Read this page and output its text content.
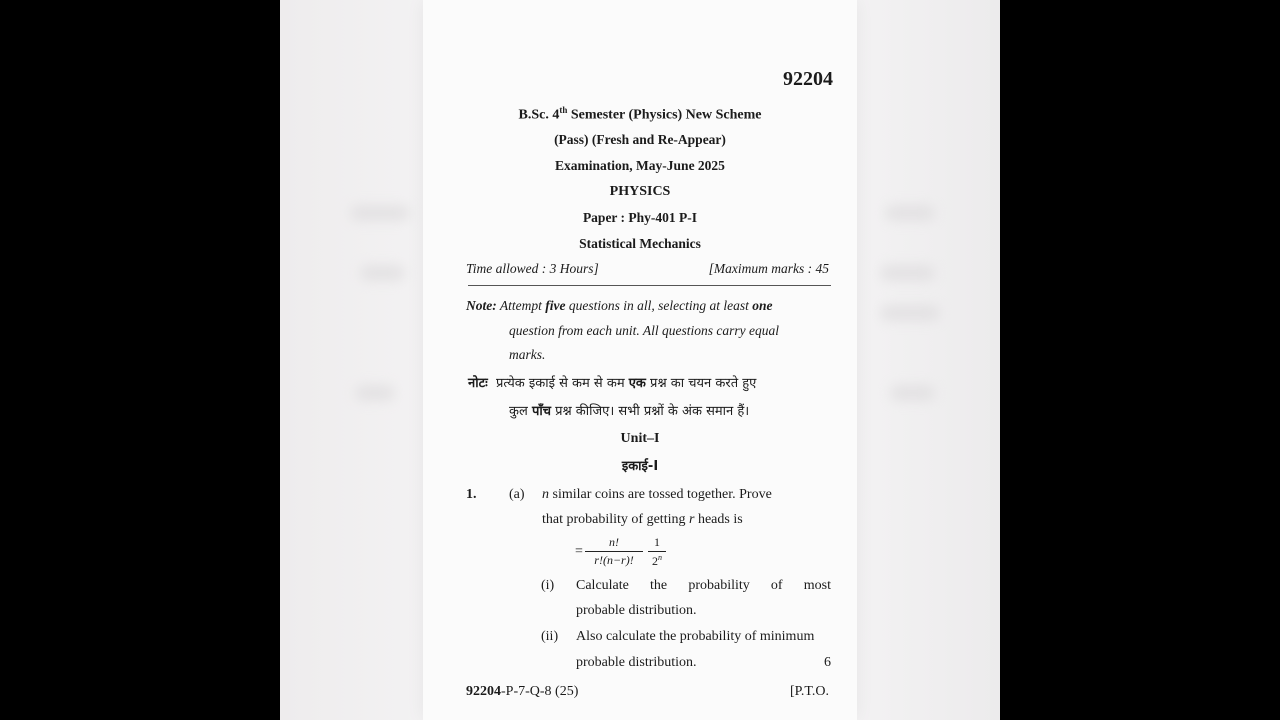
92204
B.Sc. 4th Semester (Physics) New Scheme
(Pass) (Fresh and Re-Appear)
Examination, May-June 2025
PHYSICS
Paper : Phy-401 P-I
Statistical Mechanics
Time allowed : 3 Hours]	[Maximum marks : 45
Note: Attempt five questions in all, selecting at least one
question from each unit. All questions carry equal
marks.
नोटः प्रत्येक इकाई से कम से कम एक प्रश्न का चयन करते हुए
कुल पाँच प्रश्न कीजिए। सभी प्रश्नों के अंक समान हैं।
Unit–I
इकाई-I
1. (a) n similar coins are tossed together. Prove
that probability of getting r heads is
=
n!
r!(n−r)!
1
2$^n$
(i) Calculate the probability of most
probable distribution.
(ii) Also calculate the probability of minimum
probable distribution.	6
92204-P-7-Q-8 (25)	[P.T.O.
